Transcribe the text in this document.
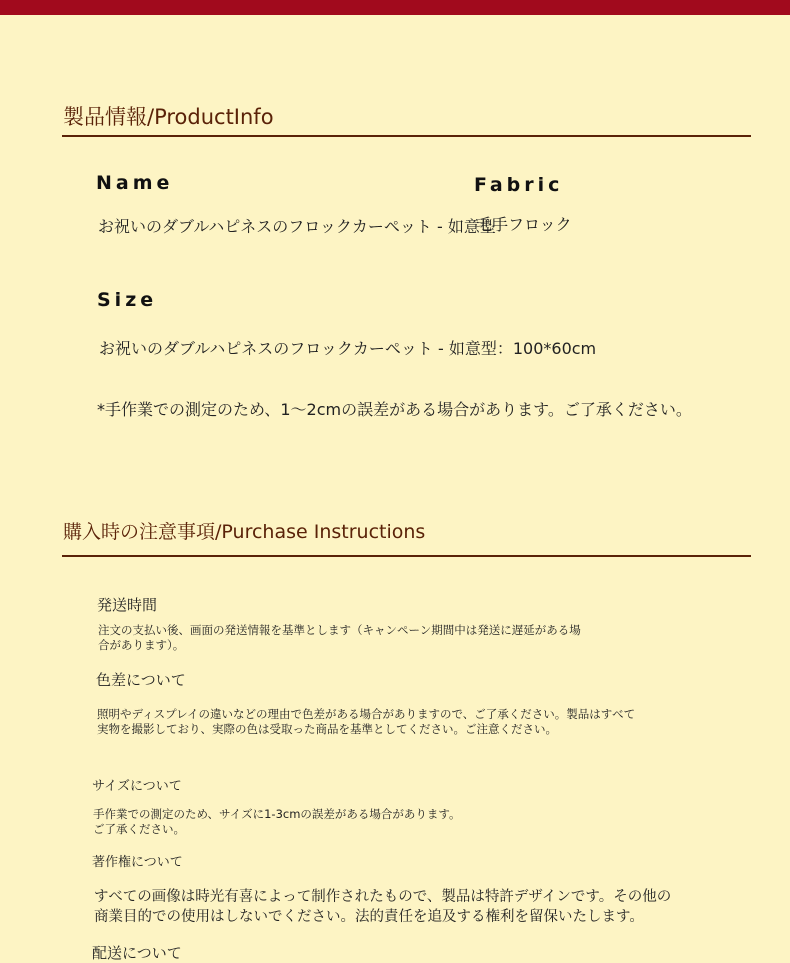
製品情報/ProductInfo
Name	Fabric
お祝いのダブルハピネスのフロックカーペット - 如意型
毛手フロック
Size
お祝いのダブルハピネスのフロックカーペット - 如意型：100*60cm
*手作業での測定のため、1〜2cmの誤差がある場合があります。ご了承ください。
購入時の注意事項/Purchase Instructions
発送時間
注文の支払い後、画面の発送情報を基準とします（キャンペーン期間中は発送に遅延がある場合があります）。
色差について
照明やディスプレイの違いなどの理由で色差がある場合がありますので、ご了承ください。製品はすべて実物を撮影しており、実際の色は受取った商品を基準としてください。ご注意ください。
サイズについて
手作業での測定のため、サイズに1-3cmの誤差がある場合があります。ご了承ください。
著作権について
すべての画像は時光有喜によって制作されたもので、製品は特許デザインです。その他の商業目的での使用はしないでください。法的責任を追及する権利を留保いたします。
配送について
